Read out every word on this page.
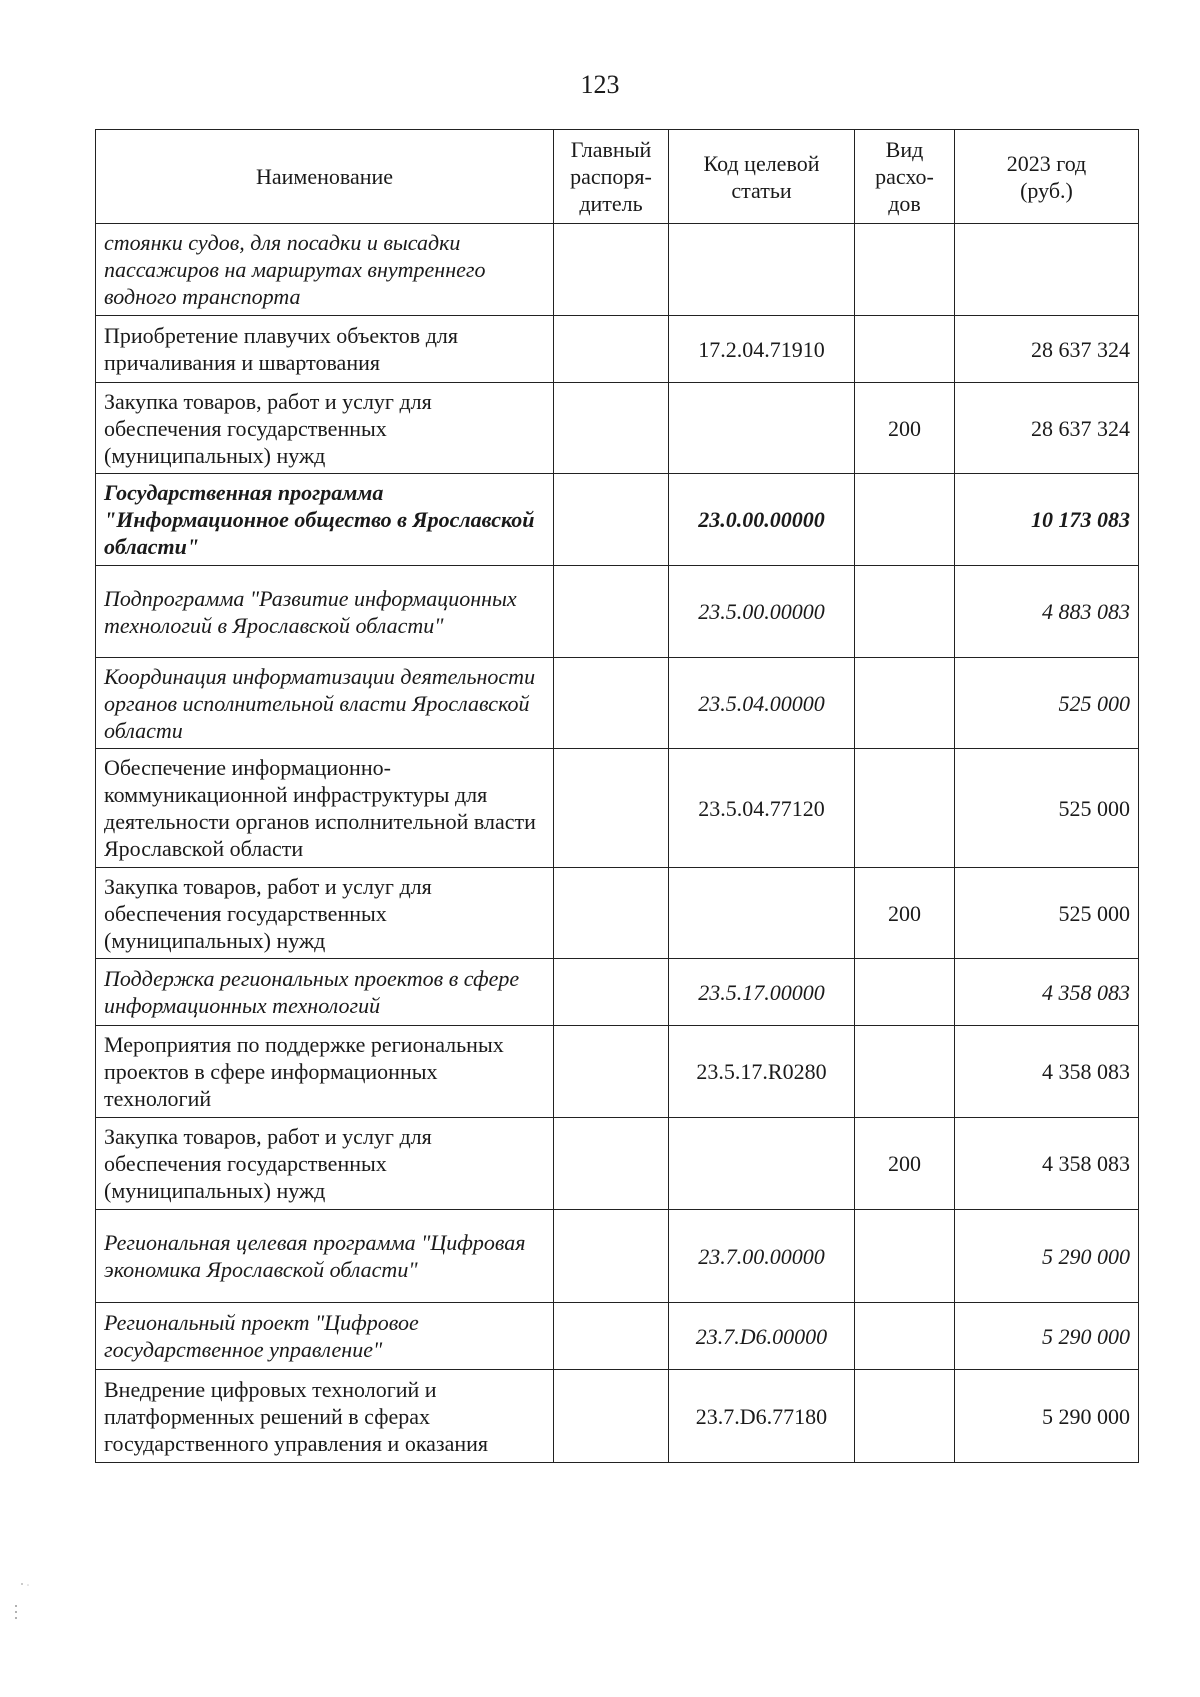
123
Наименование	Главный распоря-дитель	Код целевой статьи	Вид расхо-дов	2023 год (руб.)
стоянки судов, для посадки и высадки пассажиров на маршрутах внутреннего водного транспорта				
Приобретение плавучих объектов для причаливания и швартования		17.2.04.71910		28 637 324
Закупка товаров, работ и услуг для обеспечения государственных (муниципальных) нужд			200	28 637 324
Государственная программа "Информационное общество в Ярославской области"		23.0.00.00000		10 173 083
Подпрограмма "Развитие информационных технологий в Ярославской области"		23.5.00.00000		4 883 083
Координация информатизации деятельности органов исполнительной власти Ярославской области		23.5.04.00000		525 000
Обеспечение информационно-коммуникационной инфраструктуры для деятельности органов исполнительной власти Ярославской области		23.5.04.77120		525 000
Закупка товаров, работ и услуг для обеспечения государственных (муниципальных) нужд			200	525 000
Поддержка региональных проектов в сфере информационных технологий		23.5.17.00000		4 358 083
Мероприятия по поддержке региональных проектов в сфере информационных технологий		23.5.17.R0280		4 358 083
Закупка товаров, работ и услуг для обеспечения государственных (муниципальных) нужд			200	4 358 083
Региональная целевая программа "Цифровая экономика Ярославской области"		23.7.00.00000		5 290 000
Региональный проект "Цифровое государственное управление"		23.7.D6.00000		5 290 000
Внедрение цифровых технологий и платформенных решений в сферах государственного управления и оказания		23.7.D6.77180		5 290 000
